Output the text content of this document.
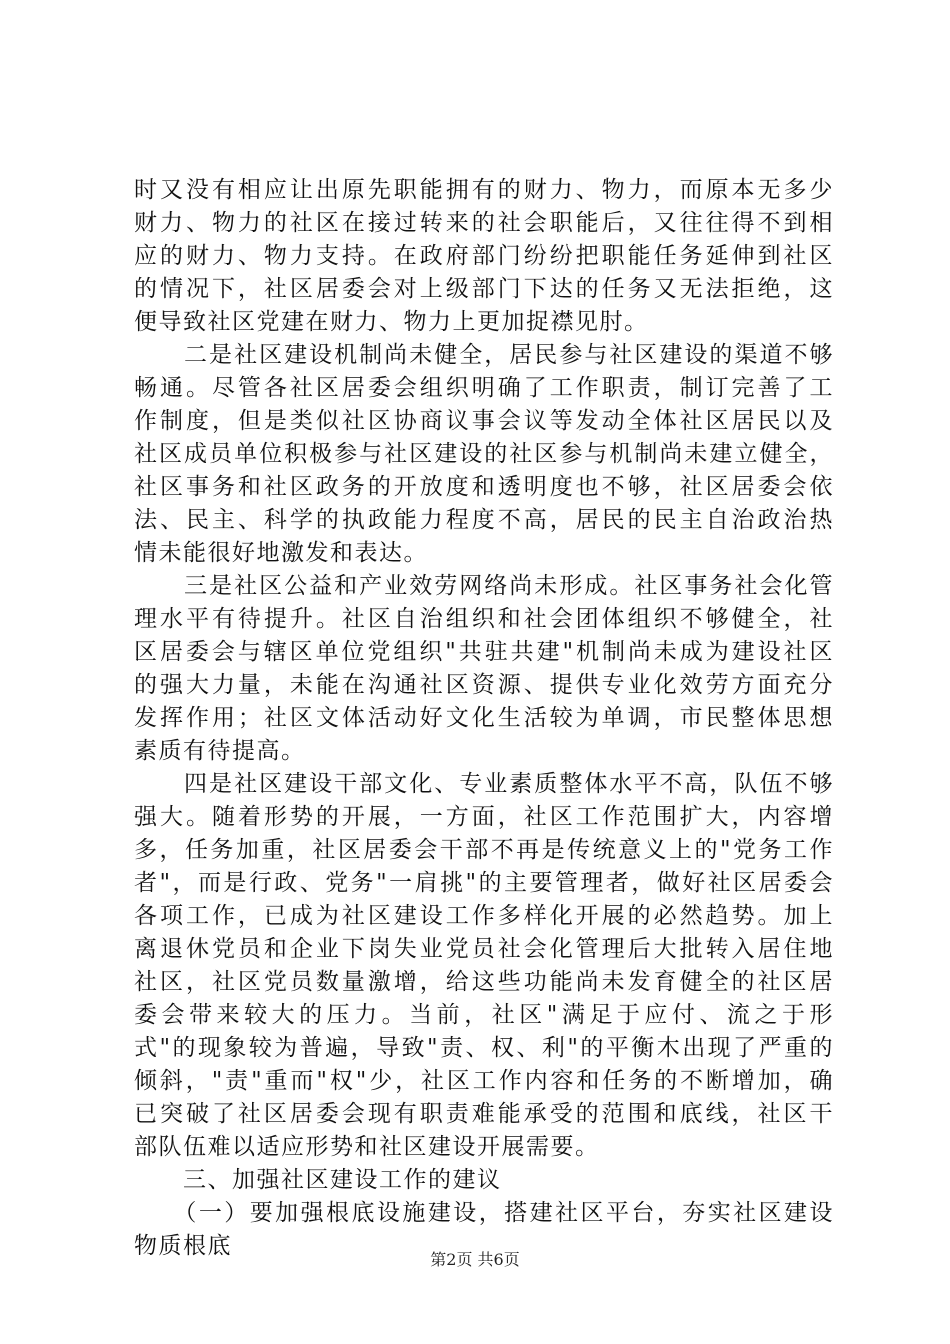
时又没有相应让出原先职能拥有的财力、物力，而原本无多少
财力、物力的社区在接过转来的社会职能后，又往往得不到相
应的财力、物力支持。在政府部门纷纷把职能任务延伸到社区
的情况下，社区居委会对上级部门下达的任务又无法拒绝，这
便导致社区党建在财力、物力上更加捉襟见肘。
　　二是社区建设机制尚未健全，居民参与社区建设的渠道不够
畅通。尽管各社区居委会组织明确了工作职责，制订完善了工
作制度，但是类似社区协商议事会议等发动全体社区居民以及
社区成员单位积极参与社区建设的社区参与机制尚未建立健全，
社区事务和社区政务的开放度和透明度也不够，社区居委会依
法、民主、科学的执政能力程度不高，居民的民主自治政治热
情未能很好地激发和表达。
　　三是社区公益和产业效劳网络尚未形成。社区事务社会化管
理水平有待提升。社区自治组织和社会团体组织不够健全，社
区居委会与辖区单位党组织"共驻共建"机制尚未成为建设社区
的强大力量，未能在沟通社区资源、提供专业化效劳方面充分
发挥作用；社区文体活动好文化生活较为单调，市民整体思想
素质有待提高。
　　四是社区建设干部文化、专业素质整体水平不高，队伍不够
强大。随着形势的开展，一方面，社区工作范围扩大，内容增
多，任务加重，社区居委会干部不再是传统意义上的"党务工作
者"，而是行政、党务"一肩挑"的主要管理者，做好社区居委会
各项工作，已成为社区建设工作多样化开展的必然趋势。加上
离退休党员和企业下岗失业党员社会化管理后大批转入居住地
社区，社区党员数量激增，给这些功能尚未发育健全的社区居
委会带来较大的压力。当前，社区"满足于应付、流之于形
式"的现象较为普遍，导致"责、权、利"的平衡木出现了严重的
倾斜，"责"重而"权"少，社区工作内容和任务的不断增加，确
已突破了社区居委会现有职责难能承受的范围和底线，社区干
部队伍难以适应形势和社区建设开展需要。
　　三、加强社区建设工作的建议
　　（一）要加强根底设施建设，搭建社区平台，夯实社区建设
物质根底
第2页 共6页
